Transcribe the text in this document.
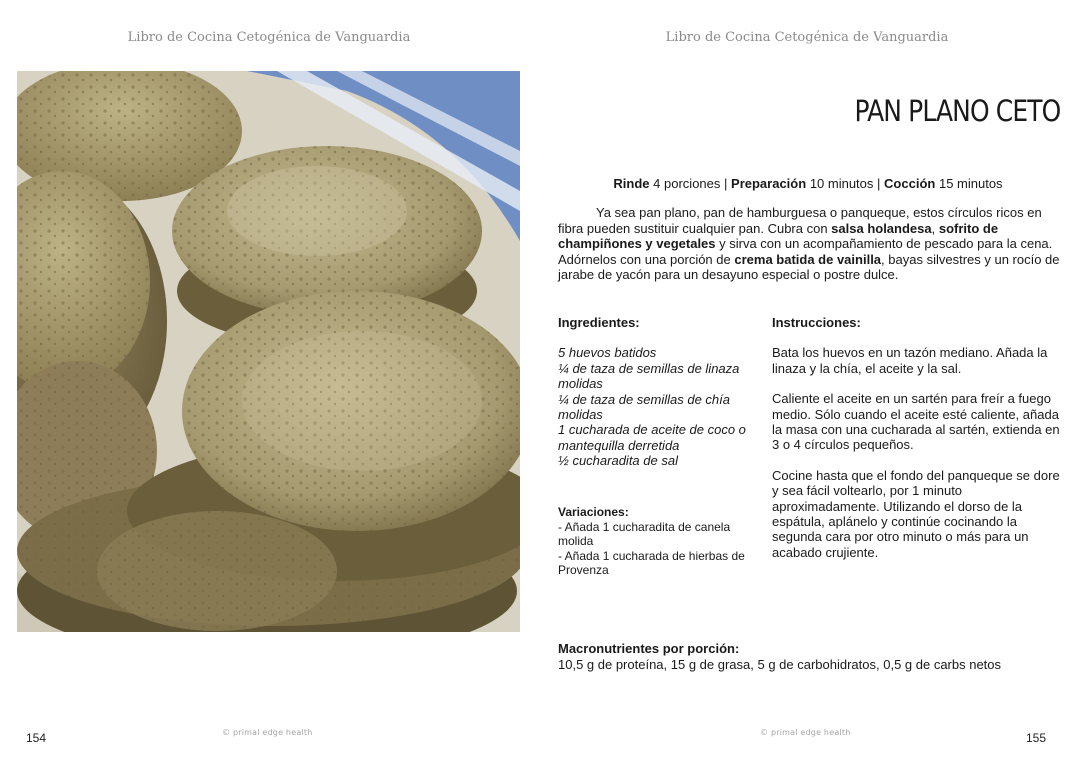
Libro de Cocina Cetogénica de Vanguardia
© primal edge health
154
Libro de Cocina Cetogénica de Vanguardia
PAN PLANO CETO
Rinde 4 porciones | Preparación 10 minutos | Cocción 15 minutos

Ya sea pan plano, pan de hamburguesa o panqueque, estos círculos ricos en fibra pueden sustituir cualquier pan. Cubra con salsa holandesa, sofrito de champiñones y vegetales y sirva con un acompañamiento de pescado para la cena. Adórnelos con una porción de crema batida de vainilla, bayas silvestres y un rocío de jarabe de yacón para un desayuno especial o postre dulce.

Ingredientes:

5 huevos batidos

¼ de taza de semillas de linaza molidas

¼ de taza de semillas de chía molidas

1 cucharada de aceite de coco o mantequilla derretida

½ cucharadita de sal

Variaciones:

- Añada 1 cucharadita de canela molida

- Añada 1 cucharada de hierbas de Provenza

Instrucciones:

Bata los huevos en un tazón mediano. Añada la linaza y la chía, el aceite y la sal.

Caliente el aceite en un sartén para freír a fuego medio. Sólo cuando el aceite esté caliente, añada la masa con una cucharada al sartén, extienda en 3 o 4 círculos pequeños.

Cocine hasta que el fondo del panqueque se dore y sea fácil voltearlo, por 1 minuto aproximadamente. Utilizando el dorso de la espátula, aplánelo y continúe cocinando la segunda cara por otro minuto o más para un acabado crujiente.

Macronutrientes por porción:
10,5 g de proteína, 15 g de grasa, 5 g de carbohidratos, 0,5 g de carbs netos
© primal edge health	155
